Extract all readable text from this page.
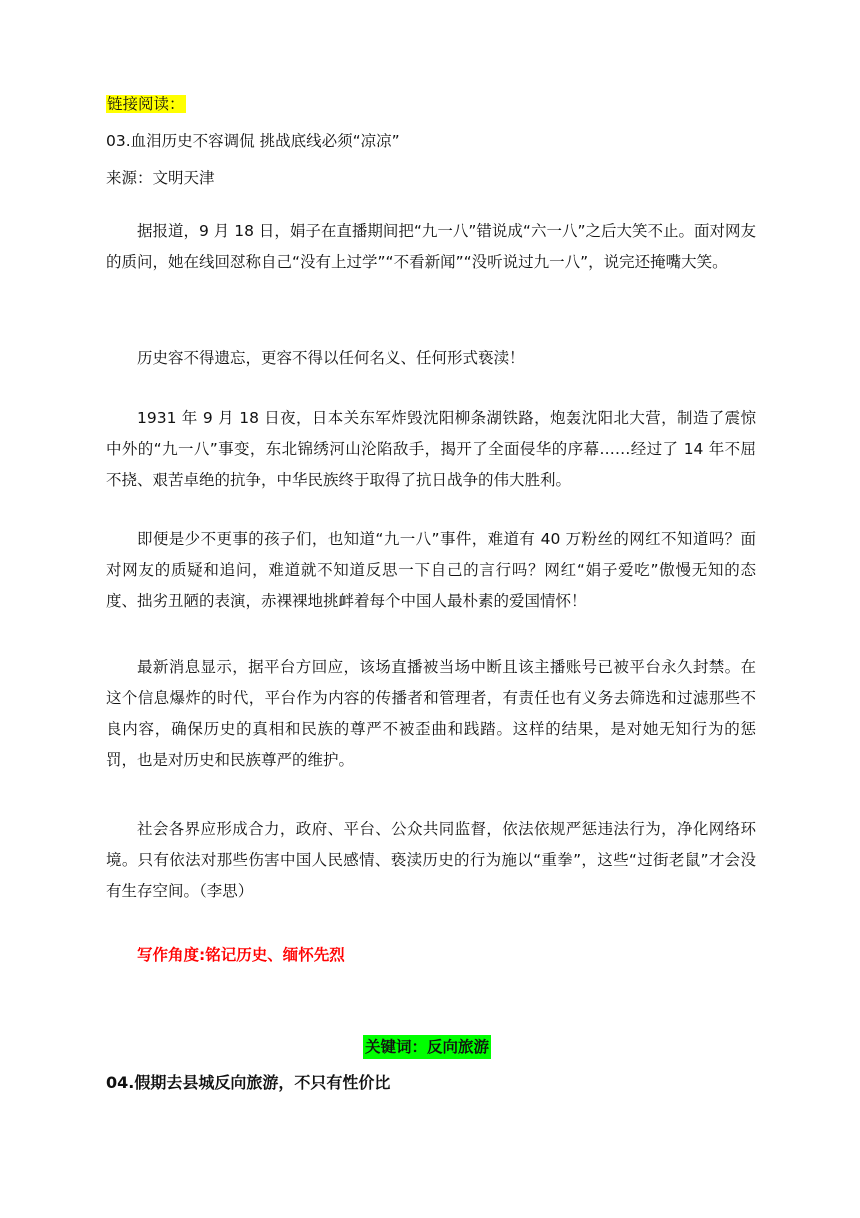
链接阅读：
03.血泪历史不容调侃 挑战底线必须“凉凉”
来源：文明天津

据报道，9 月 18 日，娟子在直播期间把“九一八”错说成“六一八”之后大笑不止。面对网友的质问，她在线回怼称自己“没有上过学”“不看新闻”“没听说过九一八”，说完还掩嘴大笑。

历史容不得遗忘，更容不得以任何名义、任何形式亵渎！

1931 年 9 月 18 日夜，日本关东军炸毁沈阳柳条湖铁路，炮轰沈阳北大营，制造了震惊中外的“九一八”事变，东北锦绣河山沦陷敌手，揭开了全面侵华的序幕……经过了 14 年不屈不挠、艰苦卓绝的抗争，中华民族终于取得了抗日战争的伟大胜利。

即便是少不更事的孩子们，也知道“九一八”事件，难道有 40 万粉丝的网红不知道吗？面对网友的质疑和追问，难道就不知道反思一下自己的言行吗？网红“娟子爱吃”傲慢无知的态度、拙劣丑陋的表演，赤裸裸地挑衅着每个中国人最朴素的爱国情怀！

最新消息显示，据平台方回应，该场直播被当场中断且该主播账号已被平台永久封禁。在这个信息爆炸的时代，平台作为内容的传播者和管理者，有责任也有义务去筛选和过滤那些不良内容，确保历史的真相和民族的尊严不被歪曲和践踏。这样的结果，是对她无知行为的惩罚，也是对历史和民族尊严的维护。

社会各界应形成合力，政府、平台、公众共同监督，依法依规严惩违法行为，净化网络环境。只有依法对那些伤害中国人民感情、亵渎历史的行为施以“重拳”，这些“过街老鼠”才会没有生存空间。（李思）

写作角度:铭记历史、缅怀先烈
关键词：反向旅游
04.假期去县城反向旅游，不只有性价比
